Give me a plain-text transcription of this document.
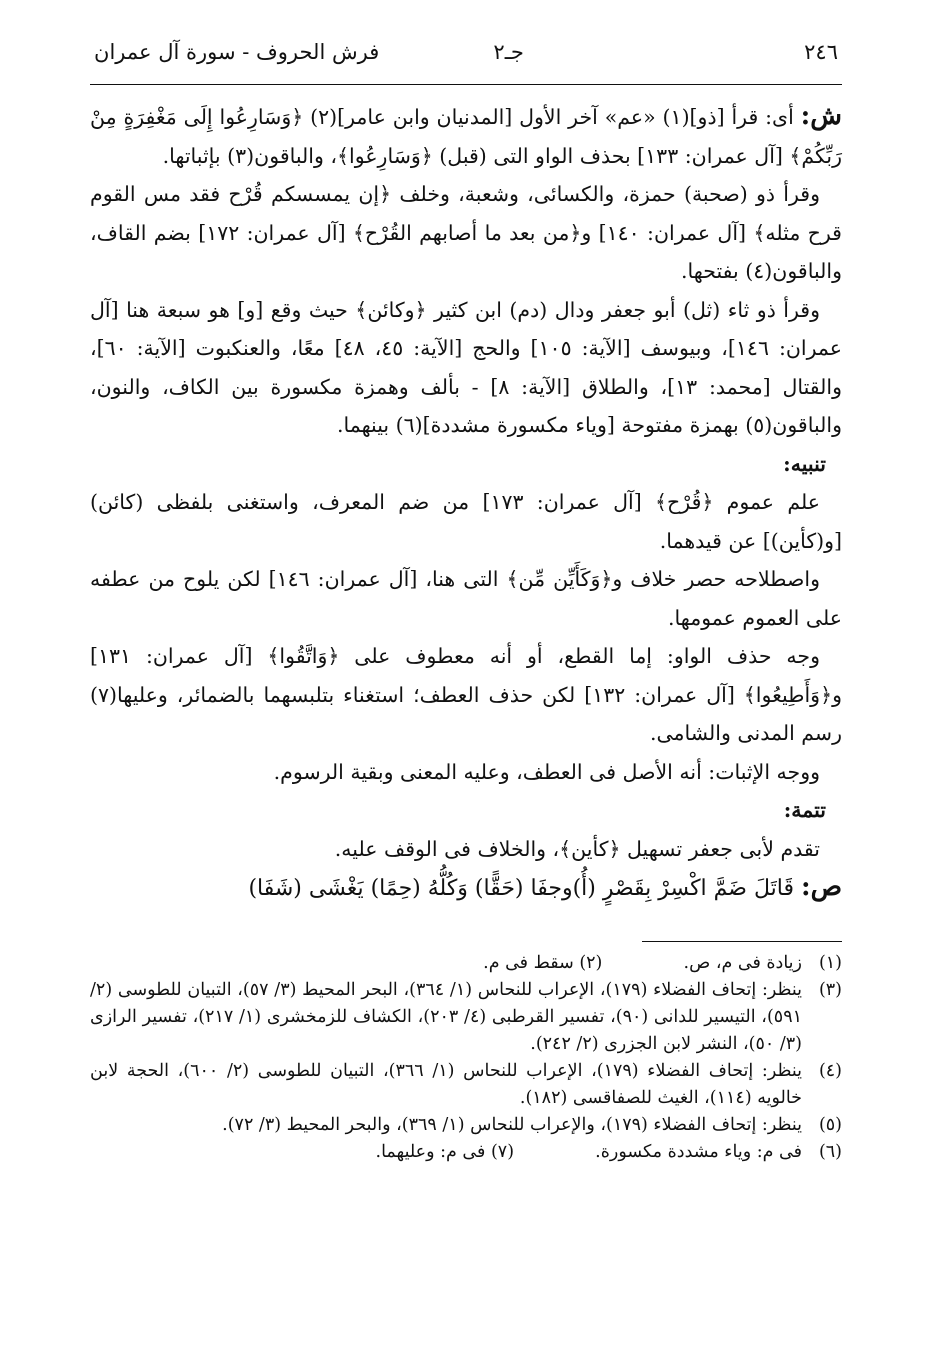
٢٤٦
جـ٢
فرش الحروف - سورة آل عمران

ش: أى: قرأ [ذو](١) «عم» آخر الأول [المدنيان وابن عامر](٢) ﴿وَسَارِعُوا إِلَى مَغْفِرَةٍ مِنْ رَبِّكُمْ﴾ [آل عمران: ١٣٣] بحذف الواو التى (قبل) ﴿وَسَارِعُوا﴾، والباقون(٣) بإثباتها.

وقرأ ذو (صحبة) حمزة، والكسائى، وشعبة، وخلف ﴿إن يمسسكم قُرْح فقد مس القوم قرح مثله﴾ [آل عمران: ١٤٠] و﴿من بعد ما أصابهم القُرْح﴾ [آل عمران: ١٧٢] بضم القاف، والباقون(٤) بفتحها.

وقرأ ذو ثاء (ثل) أبو جعفر ودال (دم) ابن كثير ﴿وكائن﴾ حيث وقع [و] هو سبعة هنا [آل عمران: ١٤٦]، وبيوسف [الآية: ١٠٥] والحج [الآية: ٤٥، ٤٨] معًا، والعنكبوت [الآية: ٦٠]، والقتال [محمد: ١٣]، والطلاق [الآية: ٨] - بألف وهمزة مكسورة بين الكاف، والنون، والباقون(٥) بهمزة مفتوحة [وياء مكسورة مشددة](٦) بينهما.

تنبيه:

علم عموم ﴿قُرْح﴾ [آل عمران: ١٧٣] من ضم المعرف، واستغنى بلفظى (كائن) [و(كأين)] عن قيدهما.

واصطلاحه حصر خلاف و﴿وَكَأَيِّن مِّن﴾ التى هنا، [آل عمران: ١٤٦] لكن يلوح من عطفه على العموم عمومها.

وجه حذف الواو: إما القطع، أو أنه معطوف على ﴿وَاتَّقُوا﴾ [آل عمران: ١٣١] و﴿وَأَطِيعُوا﴾ [آل عمران: ١٣٢] لكن حذف العطف؛ استغناء بتلبسهما بالضمائر، وعليها(٧) رسم المدنى والشامى.

ووجه الإثبات: أنه الأصل فى العطف، وعليه المعنى وبقية الرسوم.

تتمة:

تقدم لأبى جعفر تسهيل ﴿كأين﴾، والخلاف فى الوقف عليه.

ص: قَاتَلَ ضَمَّ اكْسِرْ بِقَصْرٍ (أُ)وجفَا (حَقًّا) وَكُلُّهُ (حِمًا) يَغْشَى (شَفَا)

(١)
زيادة فى م، ص.  (٢) سقط فى م.
(٣)
ينظر: إتحاف الفضلاء (١٧٩)، الإعراب للنحاس (١/ ٣٦٤)، البحر المحيط (٣/ ٥٧)، التبيان للطوسى (٢/ ٥٩١)، التيسير للدانى (٩٠)، تفسير القرطبى (٤/ ٢٠٣)، الكشاف للزمخشرى (١/ ٢١٧)، تفسير الرازى (٣/ ٥٠)، النشر لابن الجزرى (٢/ ٢٤٢).
(٤)
ينظر: إتحاف الفضلاء (١٧٩)، الإعراب للنحاس (١/ ٣٦٦)، التبيان للطوسى (٢/ ٦٠٠)، الحجة لابن خالويه (١١٤)، الغيث للصفاقسى (١٨٢).
(٥)
ينظر: إتحاف الفضلاء (١٧٩)، والإعراب للنحاس (١/ ٣٦٩)، والبحر المحيط (٣/ ٧٢).
(٦)
فى م: وياء مشددة مكسورة.  (٧) فى م: وعليهما.
